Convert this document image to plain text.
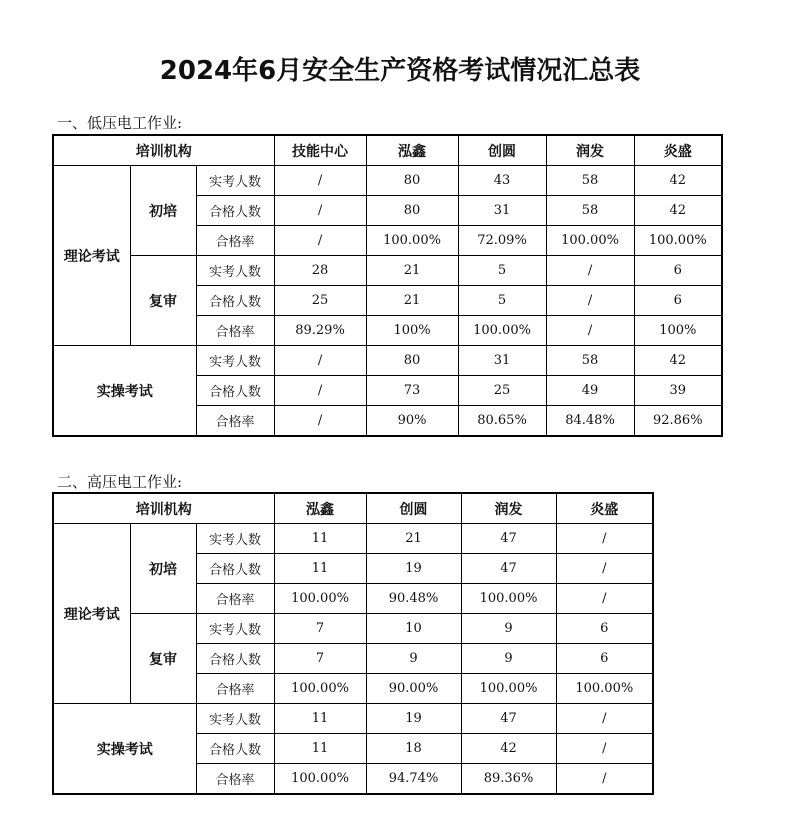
2024年6月安全生产资格考试情况汇总表
一、低压电工作业:
培训机构			技能中心	泓鑫	创圆	润发	炎盛
理论考试	初培	实考人数	/	80	43	58	42
		合格人数	/	80	31	58	42
		合格率	/	100.00%	72.09%	100.00%	100.00%
	复审	实考人数	28	21	5	/	6
		合格人数	25	21	5	/	6
		合格率	89.29%	100%	100.00%	/	100%
实操考试		实考人数	/	80	31	58	42
		合格人数	/	73	25	49	39
		合格率	/	90%	80.65%	84.48%	92.86%
二、高压电工作业:
培训机构			泓鑫	创圆	润发	炎盛
理论考试	初培	实考人数	11	21	47	/
		合格人数	11	19	47	/
		合格率	100.00%	90.48%	100.00%	/
	复审	实考人数	7	10	9	6
		合格人数	7	9	9	6
		合格率	100.00%	90.00%	100.00%	100.00%
实操考试		实考人数	11	19	47	/
		合格人数	11	18	42	/
		合格率	100.00%	94.74%	89.36%	/
